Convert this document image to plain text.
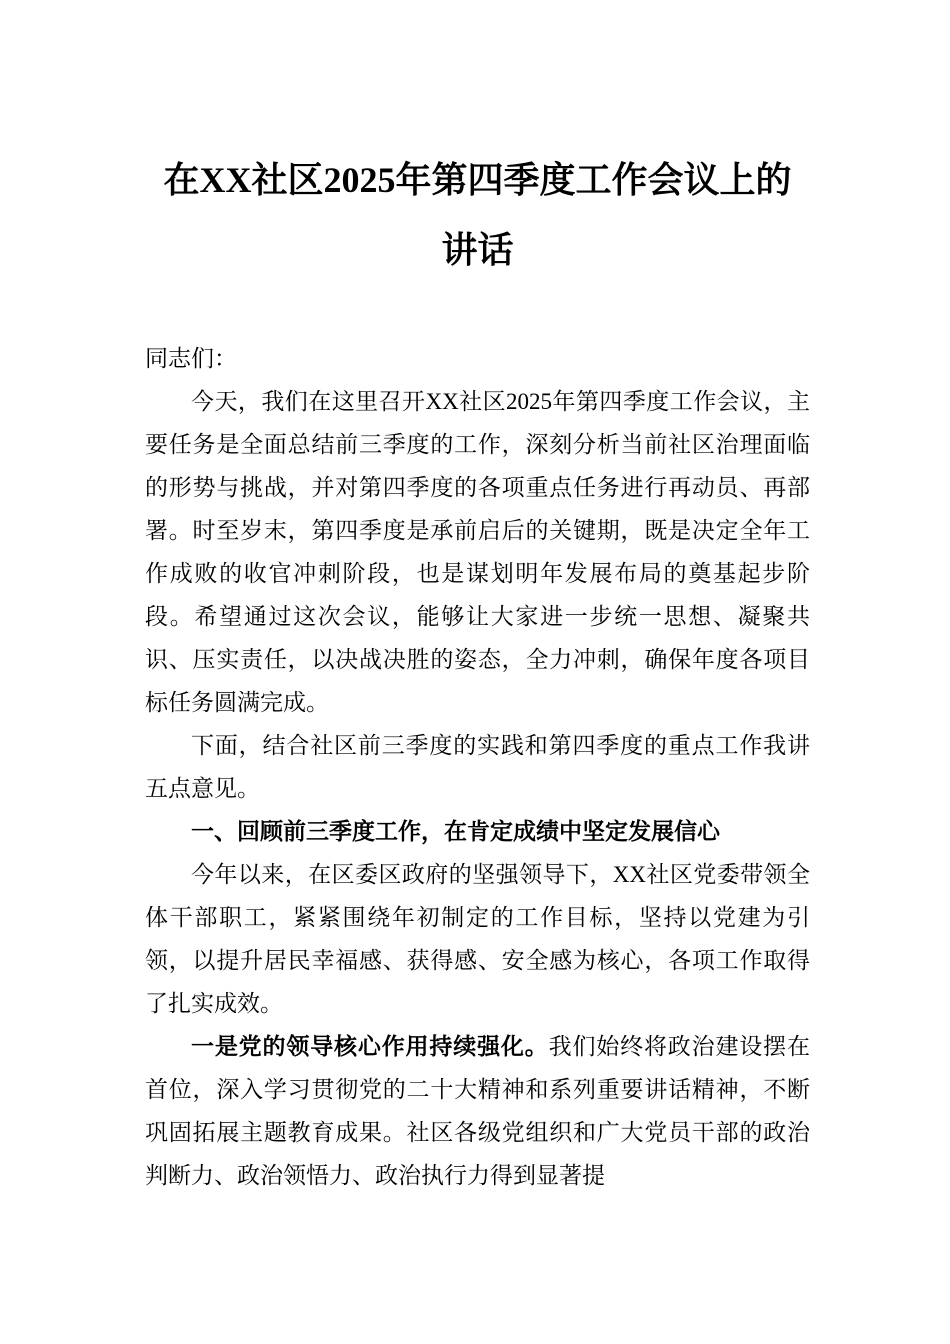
在XX社区2025年第四季度工作会议上的
讲话

同志们：

今天，我们在这里召开XX社区2025年第四季度工作会议，主要任务是全面总结前三季度的工作，深刻分析当前社区治理面临的形势与挑战，并对第四季度的各项重点任务进行再动员、再部署。时至岁末，第四季度是承前启后的关键期，既是决定全年工作成败的收官冲刺阶段，也是谋划明年发展布局的奠基起步阶段。希望通过这次会议，能够让大家进一步统一思想、凝聚共识、压实责任，以决战决胜的姿态，全力冲刺，确保年度各项目标任务圆满完成。

下面，结合社区前三季度的实践和第四季度的重点工作我讲五点意见。

一、回顾前三季度工作，在肯定成绩中坚定发展信心

今年以来，在区委区政府的坚强领导下，XX社区党委带领全体干部职工，紧紧围绕年初制定的工作目标，坚持以党建为引领，以提升居民幸福感、获得感、安全感为核心，各项工作取得了扎实成效。

一是党的领导核心作用持续强化。我们始终将政治建设摆在首位，深入学习贯彻党的二十大精神和系列重要讲话精神，不断巩固拓展主题教育成果。社区各级党组织和广大党员干部的政治判断力、政治领悟力、政治执行力得到显著提
